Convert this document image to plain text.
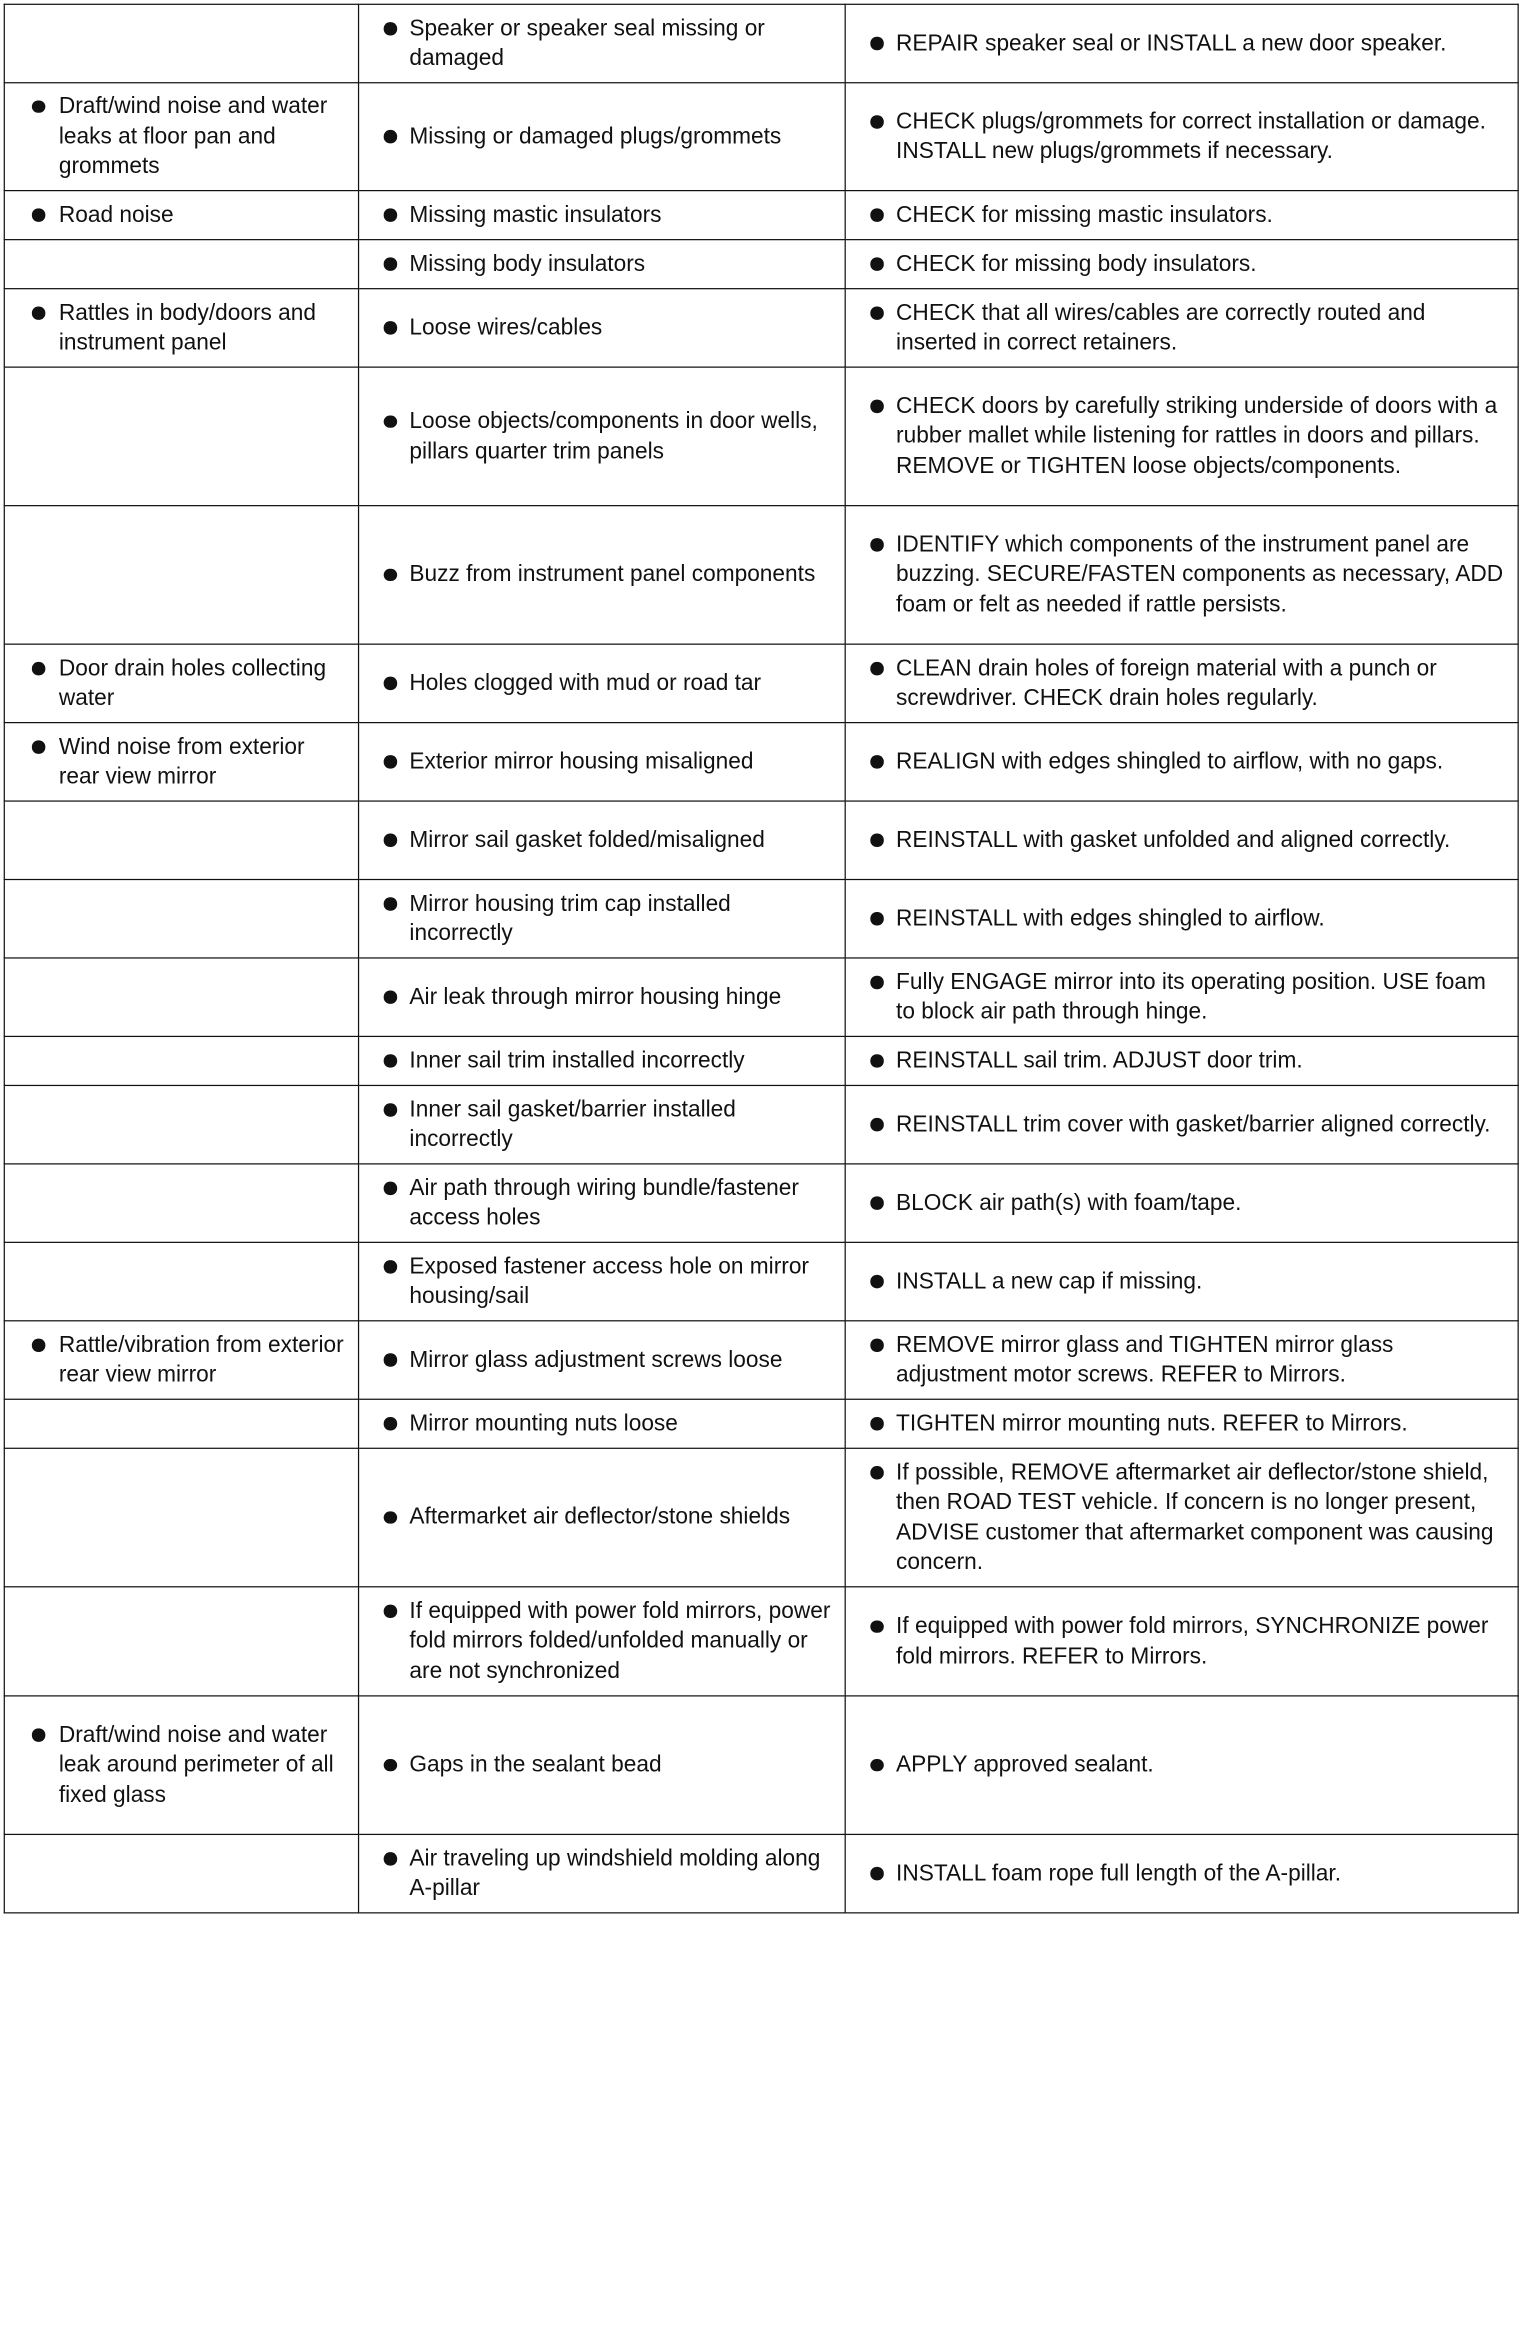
	Speaker or speaker seal missing or damaged	REPAIR speaker seal or INSTALL a new door speaker.

Draft/wind noise and water leaks at floor pan and grommets	Missing or damaged plugs/grommets	CHECK plugs/grommets for correct installation or damage. INSTALL new plugs/grommets if necessary.

Road noise	Missing mastic insulators	CHECK for missing mastic insulators.

	Missing body insulators	CHECK for missing body insulators.

Rattles in body/doors and instrument panel	Loose wires/cables	CHECK that all wires/cables are correctly routed and inserted in correct retainers.

	Loose objects/components in door wells, pillars quarter trim panels	CHECK doors by carefully striking underside of doors with a rubber mallet while listening for rattles in doors and pillars. REMOVE or TIGHTEN loose objects/components.

	Buzz from instrument panel components	IDENTIFY which components of the instrument panel are buzzing. SECURE/FASTEN components as necessary, ADD foam or felt as needed if rattle persists.

Door drain holes collecting water	Holes clogged with mud or road tar	CLEAN drain holes of foreign material with a punch or screwdriver. CHECK drain holes regularly.

Wind noise from exterior rear view mirror	Exterior mirror housing misaligned	REALIGN with edges shingled to airflow, with no gaps.

	Mirror sail gasket folded/misaligned	REINSTALL with gasket unfolded and aligned correctly.

	Mirror housing trim cap installed incorrectly	REINSTALL with edges shingled to airflow.

	Air leak through mirror housing hinge	Fully ENGAGE mirror into its operating position. USE foam to block air path through hinge.

	Inner sail trim installed incorrectly	REINSTALL sail trim. ADJUST door trim.

	Inner sail gasket/barrier installed incorrectly	REINSTALL trim cover with gasket/barrier aligned correctly.

	Air path through wiring bundle/fastener access holes	BLOCK air path(s) with foam/tape.

	Exposed fastener access hole on mirror housing/sail	INSTALL a new cap if missing.

Rattle/vibration from exterior rear view mirror	Mirror glass adjustment screws loose	REMOVE mirror glass and TIGHTEN mirror glass adjustment motor screws. REFER to Mirrors.

	Mirror mounting nuts loose	TIGHTEN mirror mounting nuts. REFER to Mirrors.

	Aftermarket air deflector/stone shields	If possible, REMOVE aftermarket air deflector/stone shield, then ROAD TEST vehicle. If concern is no longer present, ADVISE customer that aftermarket component was causing concern.

	If equipped with power fold mirrors, power fold mirrors folded/unfolded manually or are not synchronized	If equipped with power fold mirrors, SYNCHRONIZE power fold mirrors. REFER to Mirrors.

Draft/wind noise and water leak around perimeter of all fixed glass	Gaps in the sealant bead	APPLY approved sealant.

	Air traveling up windshield molding along A-pillar	INSTALL foam rope full length of the A-pillar.
